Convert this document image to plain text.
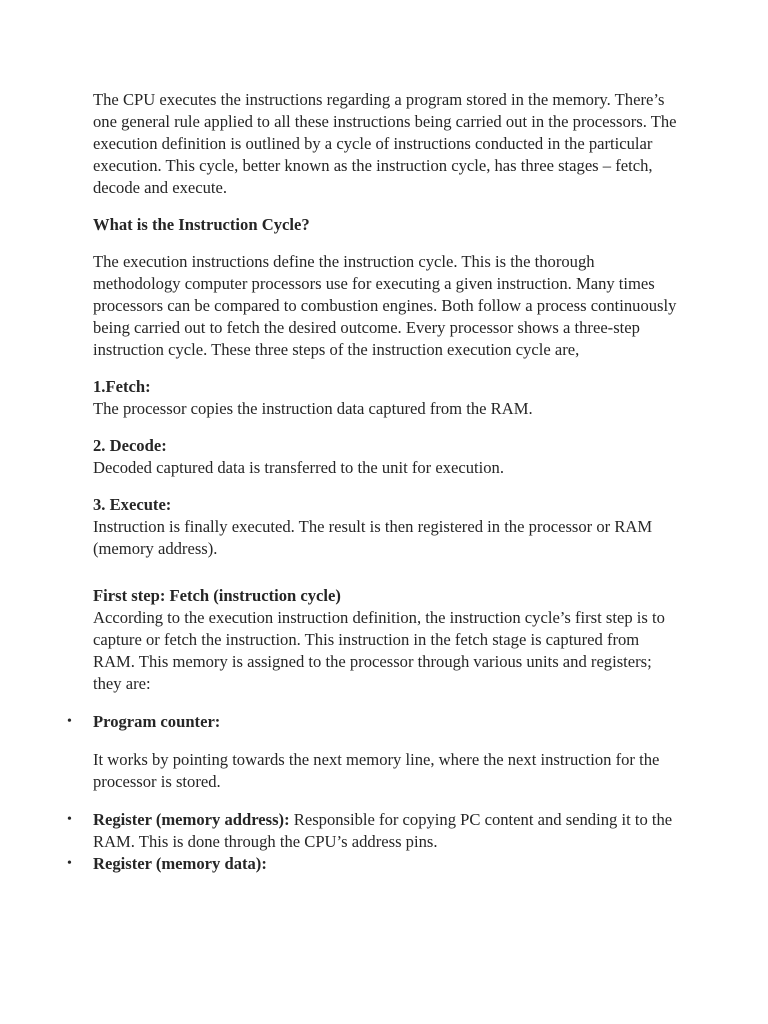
The CPU executes the instructions regarding a program stored in the memory. There’s one general rule applied to all these instructions being carried out in the processors. The execution definition is outlined by a cycle of instructions conducted in the particular execution. This cycle, better known as the instruction cycle, has three stages – fetch, decode and execute.

What is the Instruction Cycle?

The execution instructions define the instruction cycle. This is the thorough methodology computer processors use for executing a given instruction. Many times processors can be compared to combustion engines. Both follow a process continuously being carried out to fetch the desired outcome. Every processor shows a three-step instruction cycle. These three steps of the instruction execution cycle are,

1.Fetch:

The processor copies the instruction data captured from the RAM.

2. Decode:

Decoded captured data is transferred to the unit for execution.

3. Execute:

Instruction is finally executed. The result is then registered in the processor or RAM (memory address).

First step: Fetch (instruction cycle)

According to the execution instruction definition, the instruction cycle’s first step is to capture or fetch the instruction. This instruction in the fetch stage is captured from RAM. This memory is assigned to the processor through various units and registers; they are:

• Program counter:

It works by pointing towards the next memory line, where the next instruction for the processor is stored.

• Register (memory address): Responsible for copying PC content and sending it to the RAM. This is done through the CPU’s address pins.
• Register (memory data):
